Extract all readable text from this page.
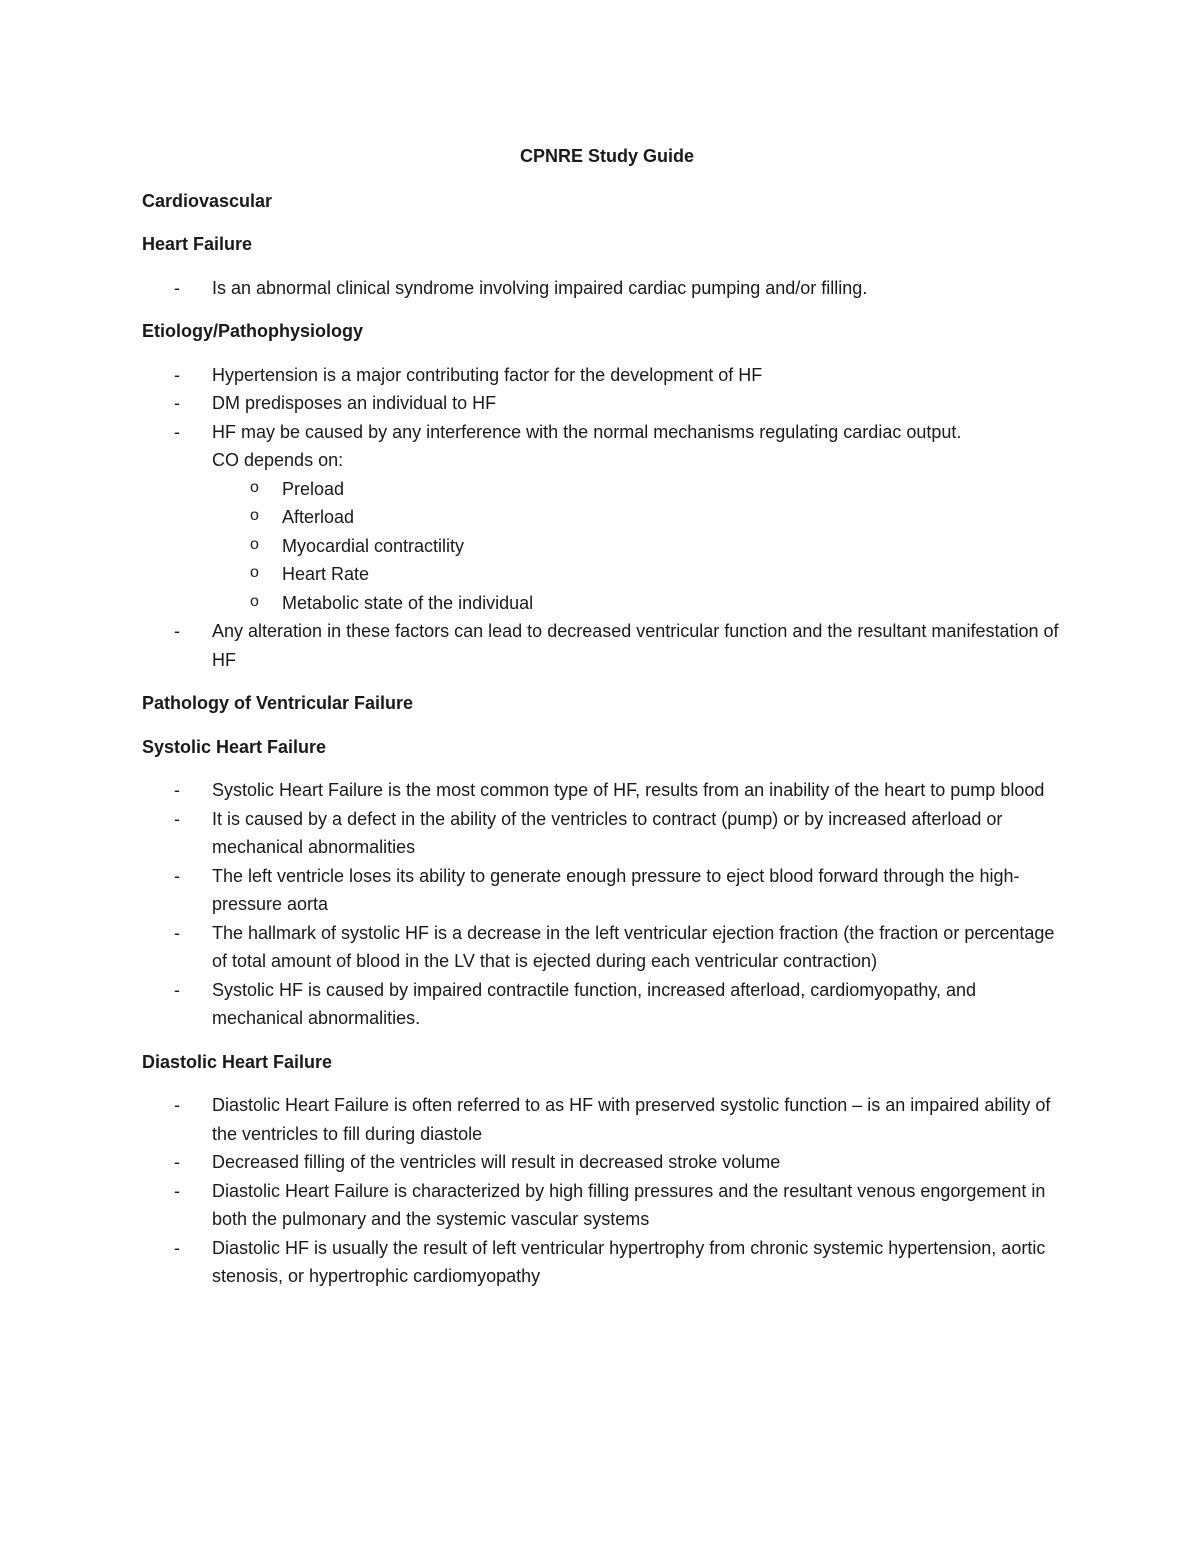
CPNRE Study Guide
Cardiovascular
Heart Failure
- Is an abnormal clinical syndrome involving impaired cardiac pumping and/or filling.
Etiology/Pathophysiology
- Hypertension is a major contributing factor for the development of HF
- DM predisposes an individual to HF
- HF may be caused by any interference with the normal mechanisms regulating cardiac output.
CO depends on:
o Preload
o Afterload
o Myocardial contractility
o Heart Rate
o Metabolic state of the individual
- Any alteration in these factors can lead to decreased ventricular function and the resultant manifestation of HF
Pathology of Ventricular Failure
Systolic Heart Failure
- Systolic Heart Failure is the most common type of HF, results from an inability of the heart to pump blood
- It is caused by a defect in the ability of the ventricles to contract (pump) or by increased afterload or mechanical abnormalities
- The left ventricle loses its ability to generate enough pressure to eject blood forward through the high-pressure aorta
- The hallmark of systolic HF is a decrease in the left ventricular ejection fraction (the fraction or percentage of total amount of blood in the LV that is ejected during each ventricular contraction)
- Systolic HF is caused by impaired contractile function, increased afterload, cardiomyopathy, and mechanical abnormalities.
Diastolic Heart Failure
- Diastolic Heart Failure is often referred to as HF with preserved systolic function – is an impaired ability of the ventricles to fill during diastole
- Decreased filling of the ventricles will result in decreased stroke volume
- Diastolic Heart Failure is characterized by high filling pressures and the resultant venous engorgement in both the pulmonary and the systemic vascular systems
- Diastolic HF is usually the result of left ventricular hypertrophy from chronic systemic hypertension, aortic stenosis, or hypertrophic cardiomyopathy
